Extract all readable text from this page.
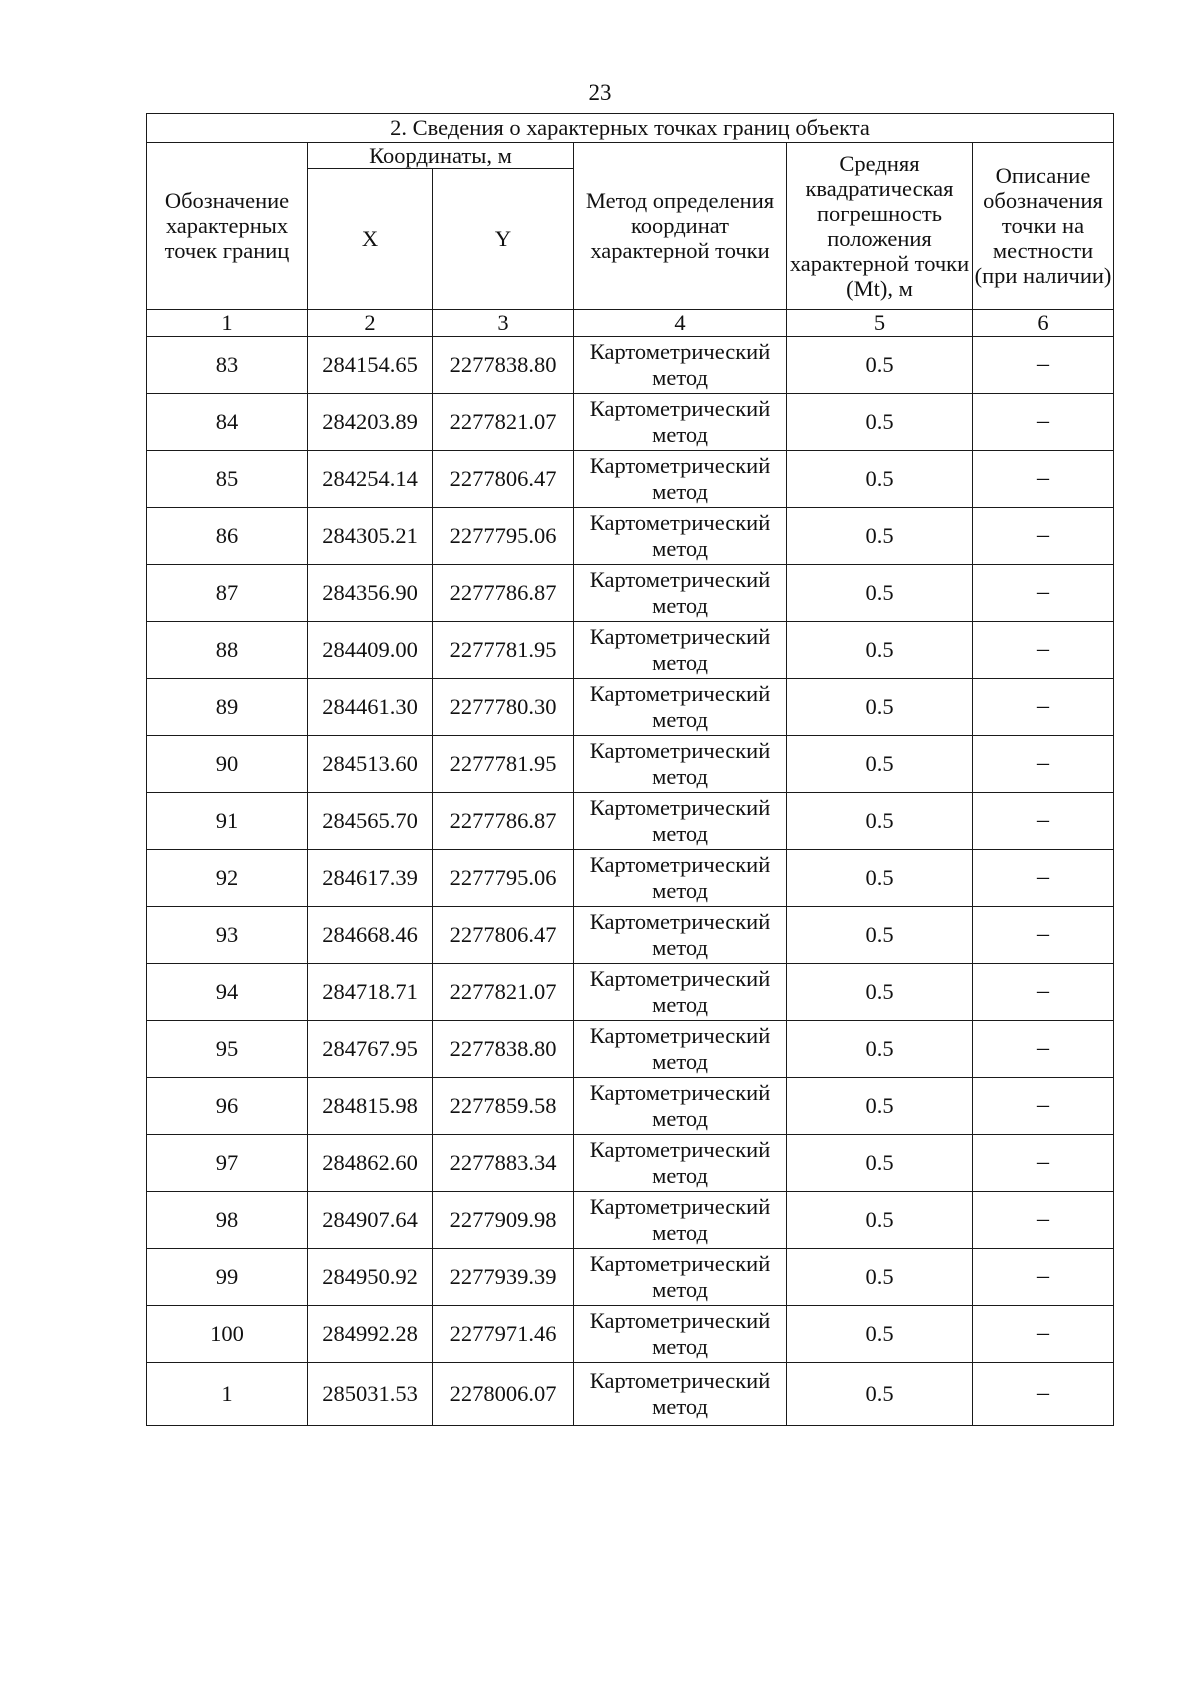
23
2. Сведения о характерных точках границ объекта					
Обозначение характерных точек границ	Координаты, м		Метод определения координат характерной точки	Средняя квадратическая погрешность положения характерной точки (Mt), м	Описание обозначения точки на местности (при наличии)
	X	Y			
1	2	3	4	5	6
83	284154.65	2277838.80	Картометрический метод	0.5	–
84	284203.89	2277821.07	Картометрический метод	0.5	–
85	284254.14	2277806.47	Картометрический метод	0.5	–
86	284305.21	2277795.06	Картометрический метод	0.5	–
87	284356.90	2277786.87	Картометрический метод	0.5	–
88	284409.00	2277781.95	Картометрический метод	0.5	–
89	284461.30	2277780.30	Картометрический метод	0.5	–
90	284513.60	2277781.95	Картометрический метод	0.5	–
91	284565.70	2277786.87	Картометрический метод	0.5	–
92	284617.39	2277795.06	Картометрический метод	0.5	–
93	284668.46	2277806.47	Картометрический метод	0.5	–
94	284718.71	2277821.07	Картометрический метод	0.5	–
95	284767.95	2277838.80	Картометрический метод	0.5	–
96	284815.98	2277859.58	Картометрический метод	0.5	–
97	284862.60	2277883.34	Картометрический метод	0.5	–
98	284907.64	2277909.98	Картометрический метод	0.5	–
99	284950.92	2277939.39	Картометрический метод	0.5	–
100	284992.28	2277971.46	Картометрический метод	0.5	–
1	285031.53	2278006.07	Картометрический метод	0.5	–
